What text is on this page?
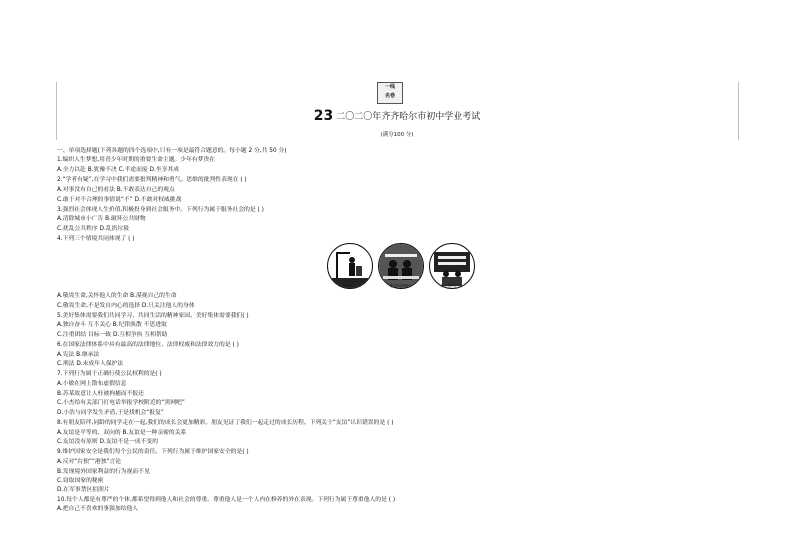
一线
名卷
23 二〇二〇年齐齐哈尔市初中学业考试
(满分100 分)
一、单项选择题(下列各题的四个选项中,只有一项是最符合题意的。每小题 2 分,共 50 分)
1.编织人生梦想,用青少年时期的重要生命主题。少年有梦贵在
A.全力以赴 B.犹豫不决 C.半途而废 D.坐享其成
2.“学者有疑”,在学习中我们需要批判精神和勇气。思维的批判性表现在 ( )
A.对事没有自己的看法 B.不敢表达自己的观点
C.敢于对不合理的事情说“不” D.不敢对权威挑战
3.强烈社会体现人生价值,积极投身到社会服务中。下列行为属于服务社会的是 ( )
A.清除城市小广告 B.破坏公共财物
C.扰乱公共秩序 D.乱扔垃圾
4.下列三个情境共同体现了 ( )
示意	帮定的的教材	同学相伴护生
A.敬畏生命,关怀他人的生命 B.漠视自己的生命
C.敬畏生命,不是发自内心的选择 D.只关注他人的身体
5.美好集体需要我们共同学习、共同生活的精神家园。美好集体需要我们( )
A.独自奋斗 互不关心 B.纪律涣散 不思进取
C.注重团结 目标一致 D.互相争执 互相帮助
6.在国家法律体系中具有最高的法律地位、法律权威和法律效力的是 ( )
A.宪法 B.继承法
C.刑法 D.未成年人保护法
7.下列行为属于正确行使公民权利的是( )
A.小敏在网上散布虚假信息
B.苏某故意让人枉被拘捕而不报还
C.小杰给有关部门打电话举报学校附近的“黑网吧”
D.小浩与同学发生矛盾,于是找机会“报复”
8.有朋友陪伴,同龄的同学走在一起,我们的成长会更加精彩。朋友见证了我们一起走过的成长历程。下列关于“友谊”认识错误的是 ( )
A.友谊是平等的、双向的 B.友谊是一种亲密的关系
C.友谊没有原则 D.友谊不是一成不变的
9.维护国家安全是我们每个公民的责任。下列行为属于维护国家安全的是( )
A.反对“台独”“港独”言论
B.发现境外国家利益的行为视而不见
C.窃取国家的秘密
D.在军事禁区拍照片
10.每个人都是有尊严的个体,都希望得到他人和社会的尊重。尊重他人是一个人内在修养的外在表现。下列行为属于尊重他人的是 ( )
A.把自己不喜欢的事强加给他人
